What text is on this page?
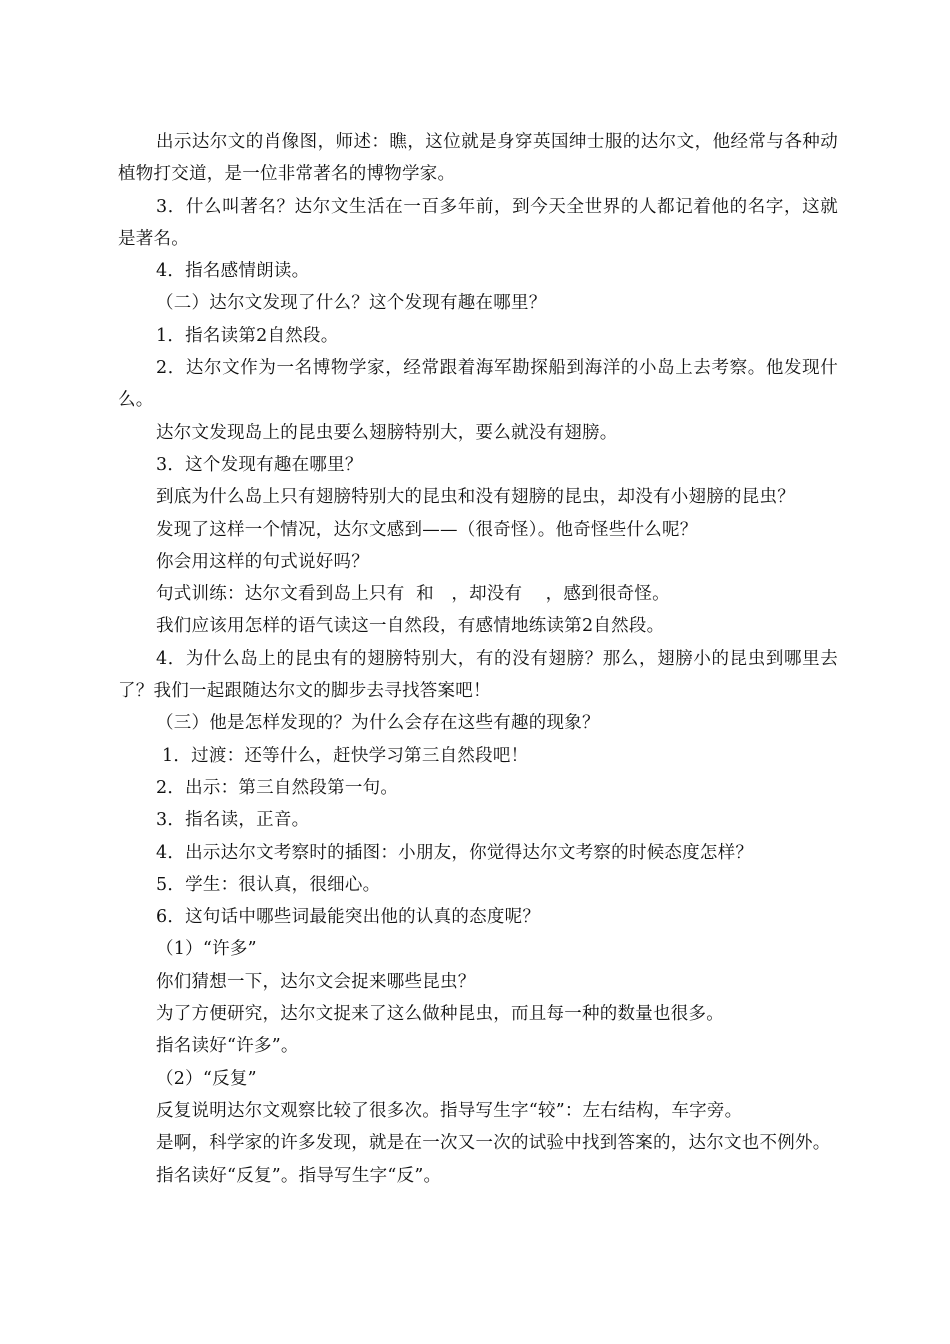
出示达尔文的肖像图，师述：瞧，这位就是身穿英国绅士服的达尔文，他经常与各种动植物打交道，是一位非常著名的博物学家。

3．什么叫著名？达尔文生活在一百多年前，到今天全世界的人都记着他的名字，这就是著名。

4．指名感情朗读。

（二）达尔文发现了什么？这个发现有趣在哪里？

1．指名读第2自然段。

2．达尔文作为一名博物学家，经常跟着海军勘探船到海洋的小岛上去考察。他发现什么。

达尔文发现岛上的昆虫要么翅膀特别大，要么就没有翅膀。

3．这个发现有趣在哪里？

到底为什么岛上只有翅膀特别大的昆虫和没有翅膀的昆虫，却没有小翅膀的昆虫？

发现了这样一个情况，达尔文感到——（很奇怪）。他奇怪些什么呢？

你会用这样的句式说好吗？

句式训练：达尔文看到岛上只有  和   ，却没有    ，感到很奇怪。

我们应该用怎样的语气读这一自然段，有感情地练读第2自然段。

4．为什么岛上的昆虫有的翅膀特别大，有的没有翅膀？那么，翅膀小的昆虫到哪里去了？我们一起跟随达尔文的脚步去寻找答案吧！

（三）他是怎样发现的？为什么会存在这些有趣的现象？

1．过渡：还等什么，赶快学习第三自然段吧！

2．出示：第三自然段第一句。

3．指名读，正音。

4．出示达尔文考察时的插图：小朋友，你觉得达尔文考察的时候态度怎样？

5．学生：很认真，很细心。

6．这句话中哪些词最能突出他的认真的态度呢？

（1）“许多”

你们猜想一下，达尔文会捉来哪些昆虫？

为了方便研究，达尔文捉来了这么做种昆虫，而且每一种的数量也很多。

指名读好“许多”。

（2）“反复”

反复说明达尔文观察比较了很多次。指导写生字“较”：左右结构，车字旁。

是啊，科学家的许多发现，就是在一次又一次的试验中找到答案的，达尔文也不例外。

指名读好“反复”。指导写生字“反”。
